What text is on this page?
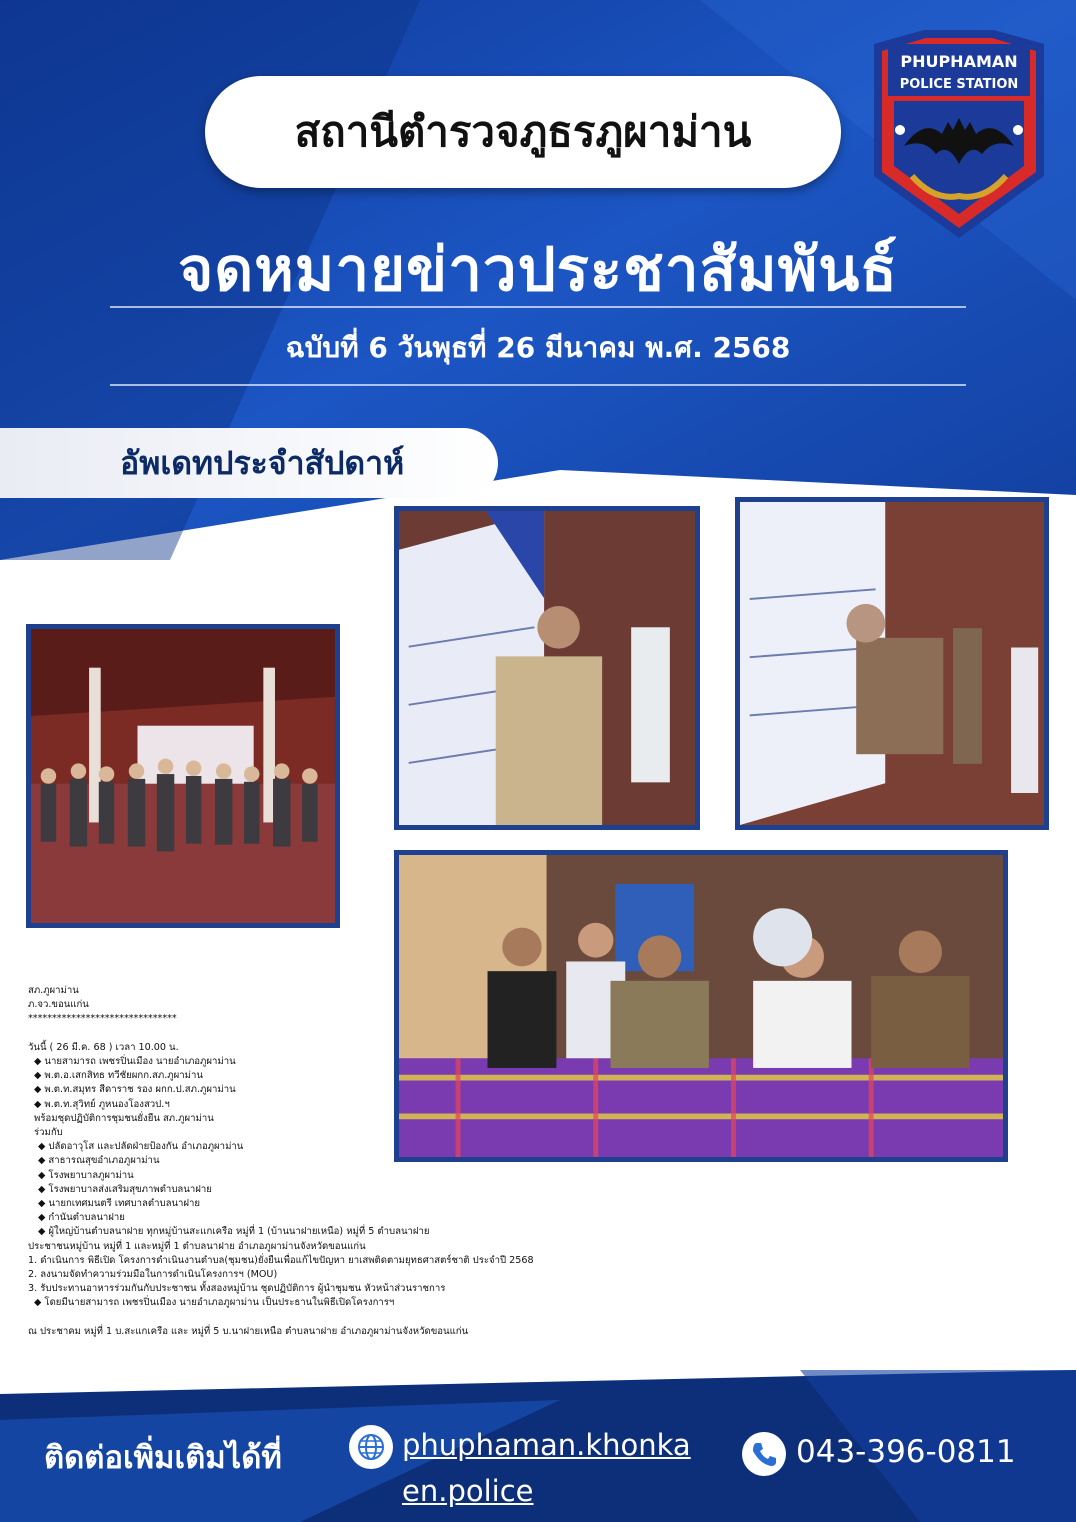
สถานีตำรวจภูธรภูผาม่าน
จดหมายข่าวประชาสัมพันธ์
ฉบับที่ 6 วันพุธที่ 26 มีนาคม พ.ศ. 2568
อัพเดทประจำสัปดาห์
PHUPHAMAN
POLICE STATION
สภ.ภูผาม่าน
ภ.จว.ขอนแก่น
*******************************

วันนี้ ( 26 มี.ค. 68 ) เวลา 10.00 น.
◆ นายสามารถ เพชรปิ่นเมือง นายอำเภอภูผาม่าน
◆ พ.ต.อ.เสกสิทธ ทวีชัยผกก.สภ.ภูผาม่าน
◆ พ.ต.ท.สมุทร สีดาราช รอง ผกก.ป.สภ.ภูผาม่าน
◆ พ.ต.ท.สุวิทย์ ภูหนองโองสวป.ฯ
พร้อมชุดปฏิบัติการชุมชนยั่งยืน สภ.ภูผาม่าน
ร่วมกับ
◆ ปลัดอาวุโส และปลัดฝ่ายป้องกัน อำเภอภูผาม่าน
◆ สาธารณสุขอำเภอภูผาม่าน
◆ โรงพยาบาลภูผาม่าน
◆ โรงพยาบาลส่งเสริมสุขภาพตำบลนาฝาย
◆ นายกเทศมนตรี เทศบาลตำบลนาฝาย
◆ กำนันตำบลนาฝาย
◆ ผู้ใหญ่บ้านตำบลนาฝาย ทุกหมู่บ้านสะแกเครือ หมู่ที่ 1 (บ้านนาฝายเหนือ) หมู่ที่ 5 ตำบลนาฝาย
ประชาชนหมู่บ้าน หมู่ที่ 1 และหมู่ที่ 1 ตำบลนาฝาย อำเภอภูผาม่านจังหวัดขอนแก่น
1. ดำเนินการ พิธีเปิด โครงการดำเนินงานตำบล(ชุมชน)ยั่งยืนเพื่อแก้ไขปัญหา ยาเสพติดตามยุทธศาสตร์ชาติ ประจำปี 2568
2. ลงนามจัดทำความร่วมมือในการดำเนินโครงการฯ (MOU)
3. รับประทานอาหารร่วมกันกับประชาชน ทั้งสองหมู่บ้าน ชุดปฏิบัติการ ผู้นำชุมชน หัวหน้าส่วนราชการ
◆ โดยมีนายสามารถ เพชรปิ่นเมือง นายอำเภอภูผาม่าน เป็นประธานในพิธีเปิดโครงการฯ

ณ ประชาคม หมู่ที่ 1 บ.สะแกเครือ และ หมู่ที่ 5 บ.นาฝายเหนือ ตำบลนาฝาย อำเภอภูผาม่านจังหวัดขอนแก่น
ติดต่อเพิ่มเติมได้ที่	phuphaman.khonkaen.police
043-396-0811
